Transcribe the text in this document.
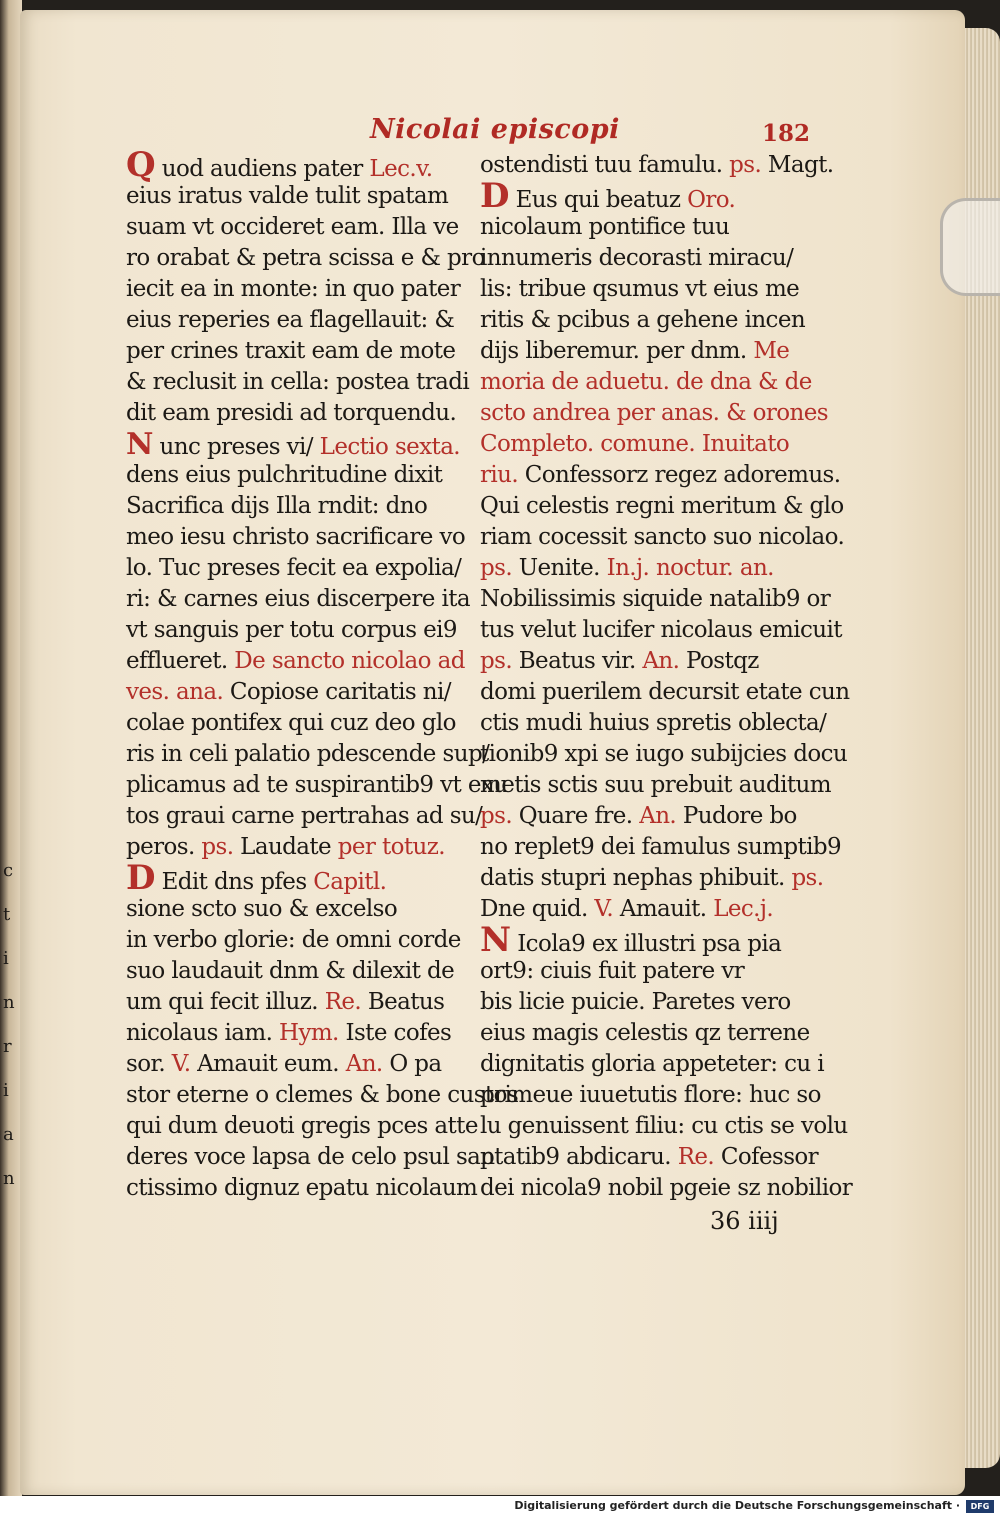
c
t
i
n
r
i
a
n
Nicolai episcopi	182
Q uod audiens pater Lec.v.
eius iratus valde tulit spatam
suam vt occideret eam. Illa ve
ro orabat & petra scissa e & pro
iecit ea in monte: in quo pater
eius reperies ea flagellauit: &
per crines traxit eam de mote
& reclusit in cella: postea tradi
dit eam presidi ad torquendu.
N unc preses vi/ Lectio sexta.
dens eius pulchritudine dixit
Sacrifica dijs Illa rndit: dno
meo iesu christo sacrificare vo
lo. Tuc preses fecit ea expolia/
ri: & carnes eius discerpere ita
vt sanguis per totu corpus ei9
efflueret. De sancto nicolao ad
ves. ana. Copiose caritatis ni/
colae pontifex qui cuz deo glo
ris in celi palatio pdescende sup/
plicamus ad te suspirantib9 vt exu
tos graui carne pertrahas ad su/
peros. ps. Laudate per totuz.
D Edit dns pfes Capitl.
sione scto suo & excelso
in verbo glorie: de omni corde
suo laudauit dnm & dilexit de
um qui fecit illuz. Re. Beatus
nicolaus iam. Hym. Iste cofes
sor. V. Amauit eum. An. O pa
stor eterne o clemes & bone custos
qui dum deuoti gregis pces atte
deres voce lapsa de celo psul san
ctissimo dignuz epatu nicolaum
ostendisti tuu famulu. ps. Magt.
D Eus qui beatuz Oro.
nicolaum pontifice tuu
innumeris decorasti miracu/
lis: tribue qsumus vt eius me
ritis & pcibus a gehene incen
dijs liberemur. per dnm. Me
moria de aduetu. de dna & de
scto andrea per anas. & orones
Completo. comune. Inuitato
riu. Confessorz regez adoremus.
Qui celestis regni meritum & glo
riam cocessit sancto suo nicolao.
ps. Uenite. In.j. noctur. an.
Nobilissimis siquide natalib9 or
tus velut lucifer nicolaus emicuit
ps. Beatus vir. An. Postqz
domi puerilem decursit etate cun
ctis mudi huius spretis oblecta/
tionib9 xpi se iugo subijcies docu
metis sctis suu prebuit auditum
ps. Quare fre. An. Pudore bo
no replet9 dei famulus sumptib9
datis stupri nephas phibuit. ps.
Dne quid. V. Amauit. Lec.j.
N Icola9 ex illustri psa pia
ort9: ciuis fuit patere vr
bis licie puicie. Paretes vero
eius magis celestis qz terrene
dignitatis gloria appeteter: cu i
primeue iuuetutis flore: huc so
lu genuissent filiu: cu ctis se volu
ptatib9 abdicaru. Re. Cofessor
dei nicola9 nobil pgeie sz nobilior
36 iiij
Digitalisierung gefördert durch die Deutsche Forschungsgemeinschaft ·	DFG
